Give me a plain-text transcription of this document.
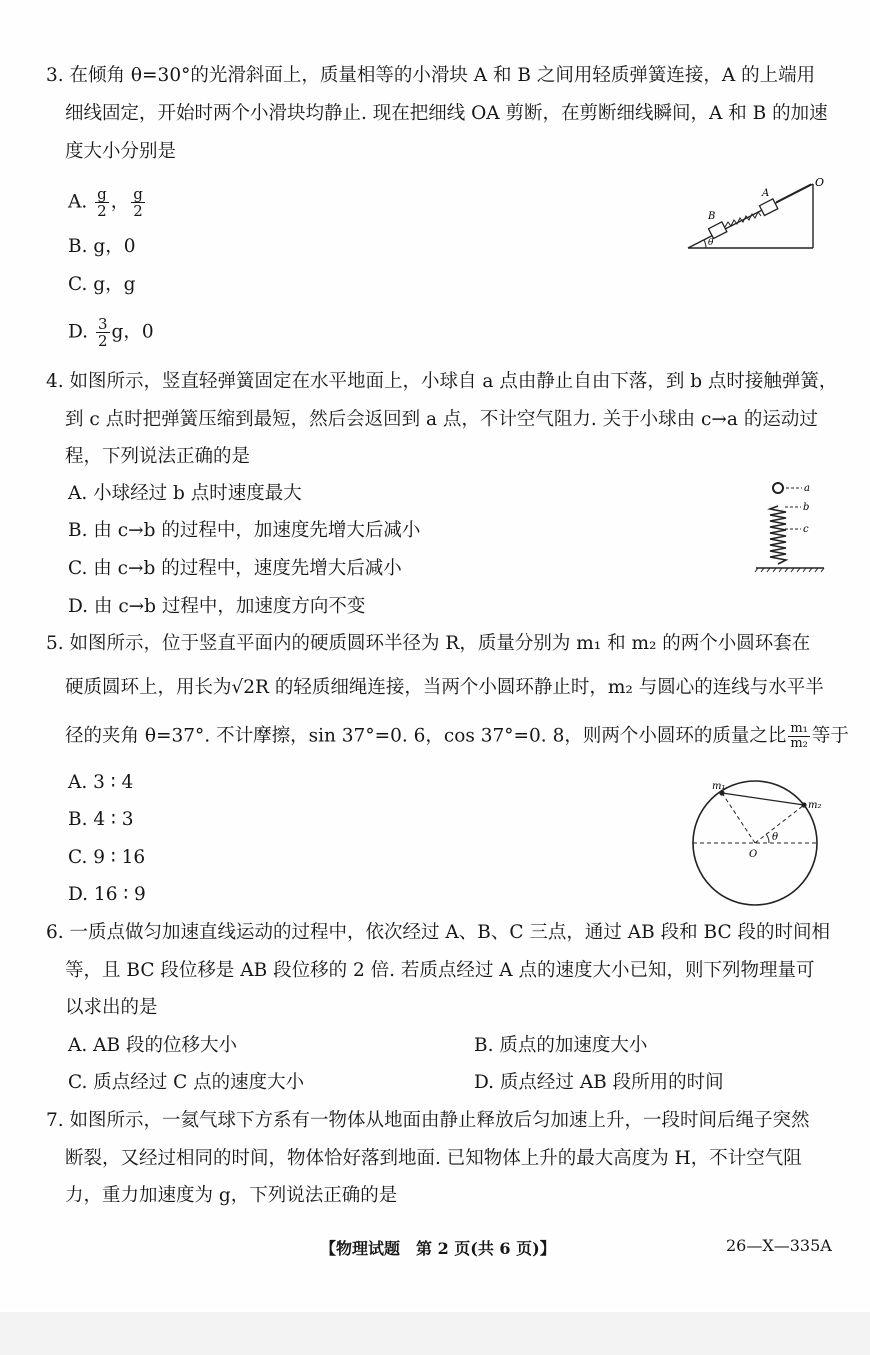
3. 在倾角 θ=30°的光滑斜面上，质量相等的小滑块 A 和 B 之间用轻质弹簧连接，A 的上端用
细线固定，开始时两个小滑块均静止. 现在把细线 OA 剪断，在剪断细线瞬间，A 和 B 的加速
度大小分别是
A. $\frac{g}{2}$ ， $\frac{g}{2}$
B. g，0
C. g，g
D. $\frac{3}{2}$ g，0
O
A
B
θ
4. 如图所示，竖直轻弹簧固定在水平地面上，小球自 a 点由静止自由下落，到 b 点时接触弹簧，
到 c 点时把弹簧压缩到最短，然后会返回到 a 点，不计空气阻力. 关于小球由 c→a 的运动过
程，下列说法正确的是
A. 小球经过 b 点时速度最大
B. 由 c→b 的过程中，加速度先增大后减小
C. 由 c→b 的过程中，速度先增大后减小
D. 由 c→b 过程中，加速度方向不变
a
b
c
5. 如图所示，位于竖直平面内的硬质圆环半径为 R，质量分别为 m₁ 和 m₂ 的两个小圆环套在
硬质圆环上，用长为√2R 的轻质细绳连接，当两个小圆环静止时，m₂ 与圆心的连线与水平半
径的夹角 θ=37°. 不计摩擦，sin 37°=0. 6，cos 37°=0. 8，则两个小圆环的质量之比 $\frac{\text{m₁}}{\text{m₂}}$ 等于
A. 3 ∶ 4
B. 4 ∶ 3
C. 9 ∶ 16
D. 16 ∶ 9
m₁
m₂
O
θ
6. 一质点做匀加速直线运动的过程中，依次经过 A、B、C 三点，通过 AB 段和 BC 段的时间相
等，且 BC 段位移是 AB 段位移的 2 倍. 若质点经过 A 点的速度大小已知，则下列物理量可
以求出的是
A. AB 段的位移大小	B. 质点的加速度大小
C. 质点经过 C 点的速度大小	D. 质点经过 AB 段所用的时间
7. 如图所示，一氦气球下方系有一物体从地面由静止释放后匀加速上升，一段时间后绳子突然
断裂，又经过相同的时间，物体恰好落到地面. 已知物体上升的最大高度为 H，不计空气阻
力，重力加速度为 g，下列说法正确的是
【物理试题　第 2 页(共 6 页)】	26—X—335A
